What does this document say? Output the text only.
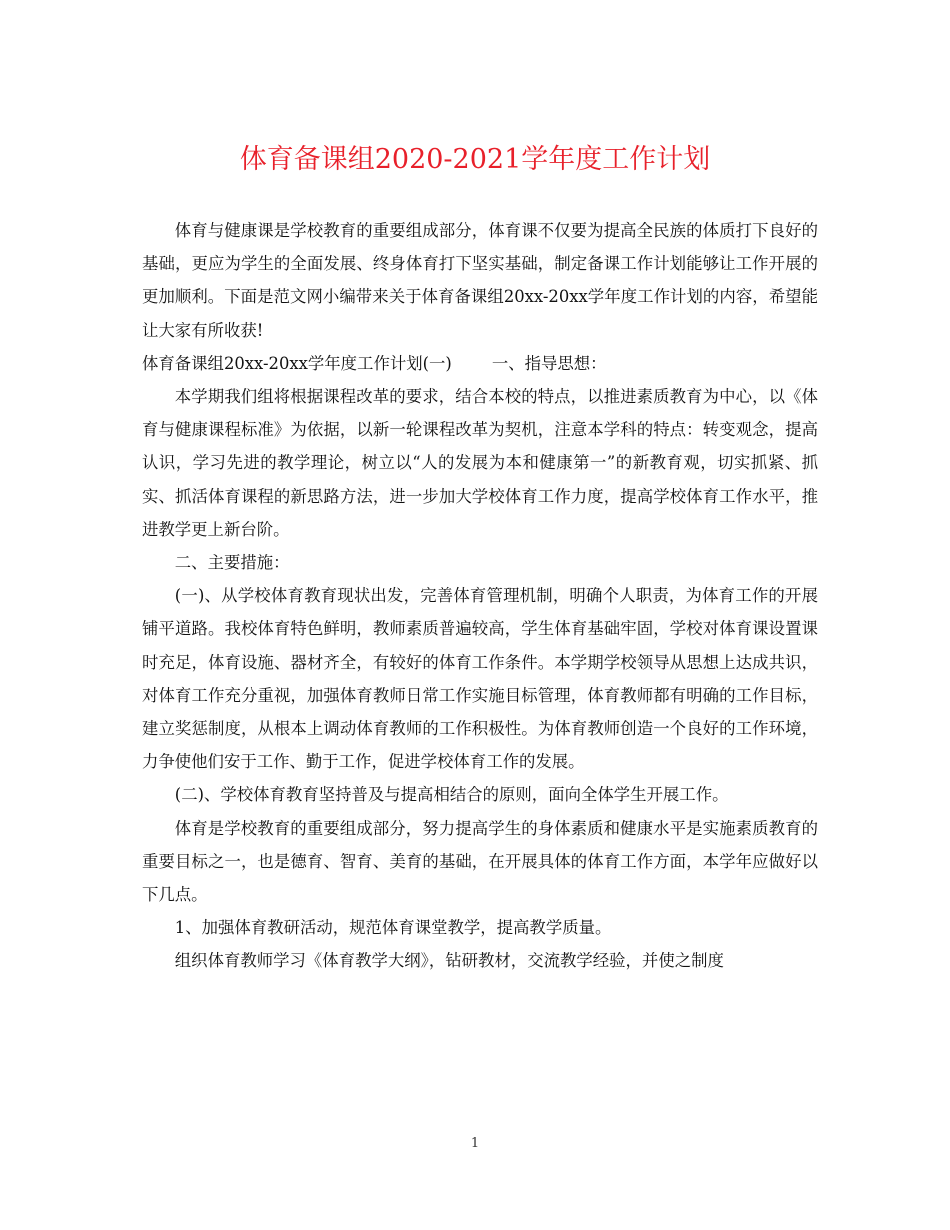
体育备课组2020-2021学年度工作计划

体育与健康课是学校教育的重要组成部分，体育课不仅要为提高全民族的体质打下良好的基础，更应为学生的全面发展、终身体育打下坚实基础，制定备课工作计划能够让工作开展的更加顺利。下面是范文网小编带来关于体育备课组20xx-20xx学年度工作计划的内容，希望能让大家有所收获!

体育备课组20xx-20xx学年度工作计划(一) 一、指导思想：

本学期我们组将根据课程改革的要求，结合本校的特点，以推进素质教育为中心，以《体育与健康课程标准》为依据，以新一轮课程改革为契机，注意本学科的特点：转变观念，提高认识，学习先进的教学理论，树立以“人的发展为本和健康第一”的新教育观，切实抓紧、抓实、抓活体育课程的新思路方法，进一步加大学校体育工作力度，提高学校体育工作水平，推进教学更上新台阶。

二、主要措施：

(一)、从学校体育教育现状出发，完善体育管理机制，明确个人职责，为体育工作的开展铺平道路。我校体育特色鲜明，教师素质普遍较高，学生体育基础牢固，学校对体育课设置课时充足，体育设施、器材齐全，有较好的体育工作条件。本学期学校领导从思想上达成共识，对体育工作充分重视，加强体育教师日常工作实施目标管理，体育教师都有明确的工作目标，建立奖惩制度，从根本上调动体育教师的工作积极性。为体育教师创造一个良好的工作环境，力争使他们安于工作、勤于工作，促进学校体育工作的发展。

(二)、学校体育教育坚持普及与提高相结合的原则，面向全体学生开展工作。

体育是学校教育的重要组成部分，努力提高学生的身体素质和健康水平是实施素质教育的重要目标之一，也是德育、智育、美育的基础，在开展具体的体育工作方面，本学年应做好以下几点。

1、加强体育教研活动，规范体育课堂教学，提高教学质量。

组织体育教师学习《体育教学大纲》，钻研教材，交流教学经验，并使之制度

1
